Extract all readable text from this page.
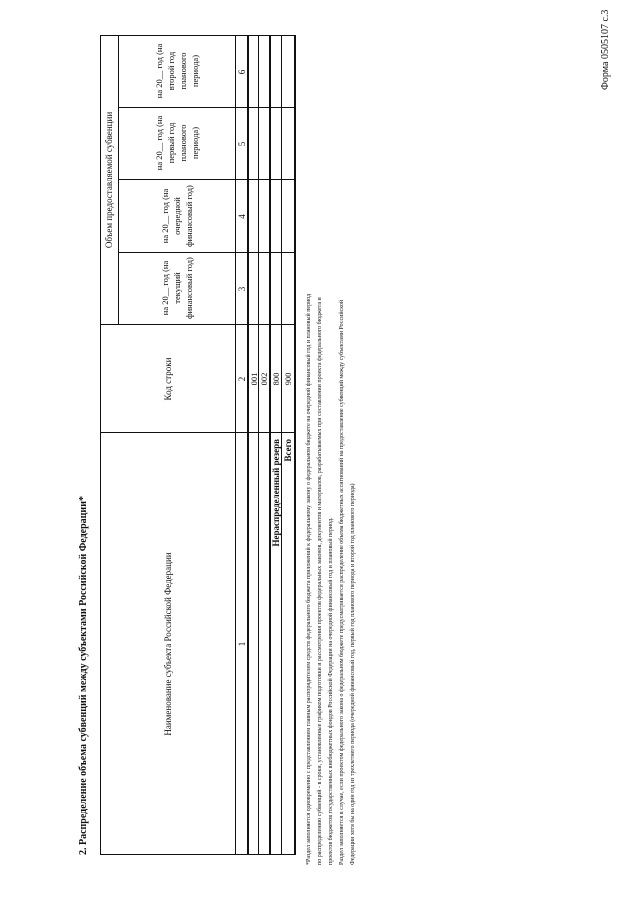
Форма 0505107 с.3
2. Распределение объема субвенций между субъектами Российской Федерации*	Наименование субъекта Российской Федерации
Код строки
Объем предоставляемой субвенции
на 20__ год (на текущий финансовый год)
на 20__ год (на очередной финансовый год)
на 20__ год (на первый год планового периода)
на 20__ год (на второй год планового периода)
1
2
3
4
5
6
001 002
Нераспределенный резерв
800
Всего
900	*Раздел заполняется одновременно с представлением главным распорядителем средств федерального бюджета приложений к федеральному закону о федеральном бюджете на очередной финансовый год и плановый период по распределению субвенций - в сроки, установленные графиком подготовки и рассмотрения проектов федеральных законов, документов и материалов, разрабатываемых при составлении проекта федерального бюджета и проектов бюджетов государственных внебюджетных фондов Российской Федерации на очередной финансовый год и плановый период. Раздел заполняется в случае, если проектом федерального закона о федеральном бюджете предусматривается распределение объема бюджетных ассигнований на предоставление субвенций между субъектами Российской Федерации хотя бы на один год из трехлетнего периода (очередной финансовый год, первый год планового периода и второй год планового периода)
